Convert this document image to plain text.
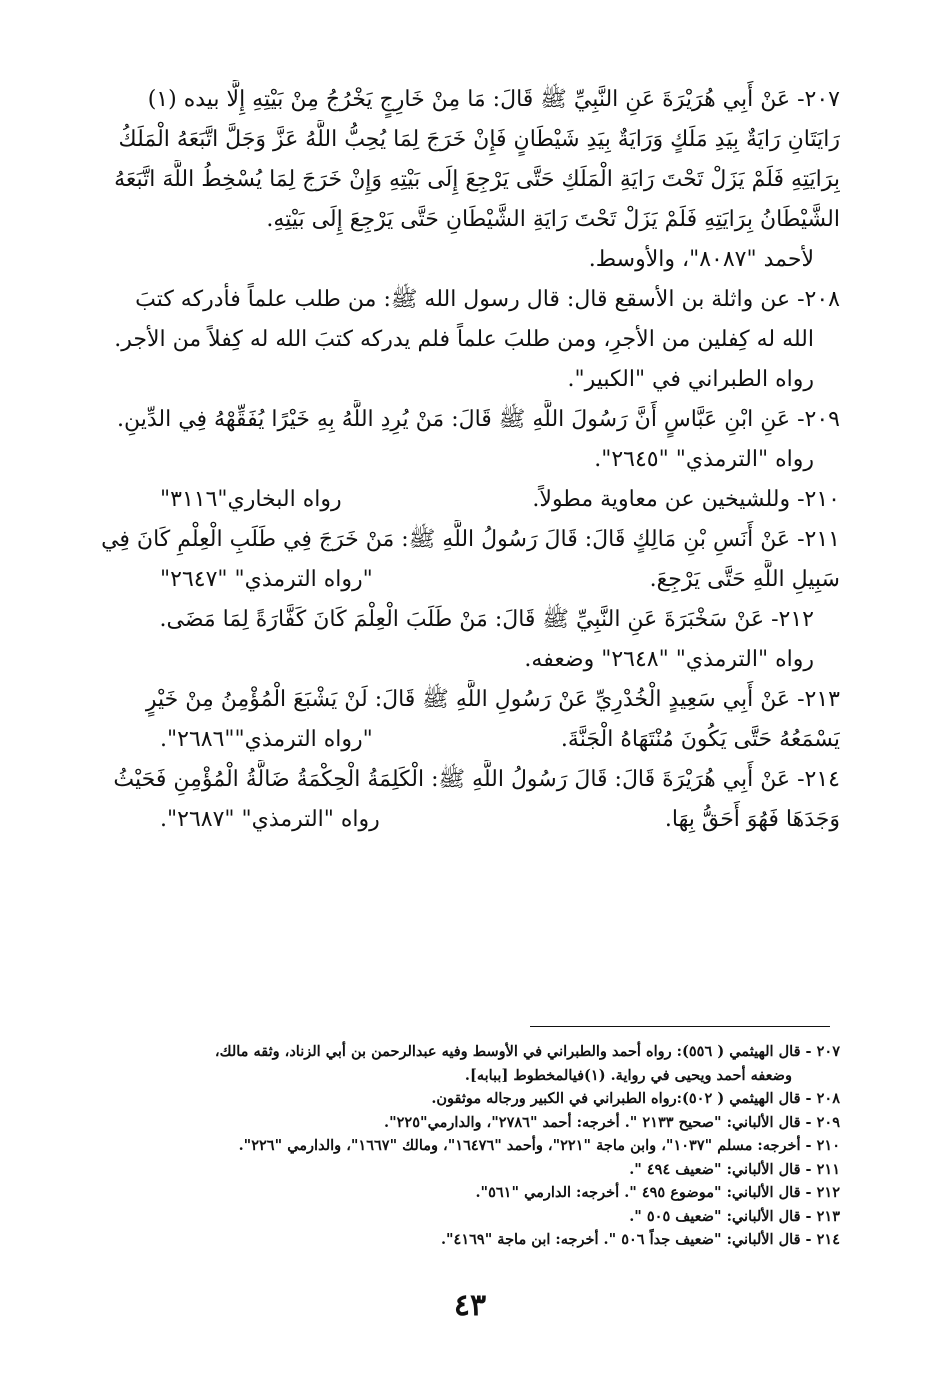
٢٠٧- عَنْ أَبِي هُرَيْرَةَ عَنِ النَّبِيِّ ﷺ قَالَ: مَا مِنْ خَارِجٍ يَخْرُجُ مِنْ بَيْتِهِ إِلَّا بيده (١)
رَايَتَانِ رَايَةٌ بِيَدِ مَلَكٍ وَرَايَةٌ بِيَدِ شَيْطَانٍ فَإِنْ خَرَجَ لِمَا يُحِبُّ اللَّهُ عَزَّ وَجَلَّ اتَّبَعَهُ الْمَلَكُ
بِرَايَتِهِ فَلَمْ يَزَلْ تَحْتَ رَايَةِ الْمَلَكِ حَتَّى يَرْجِعَ إِلَى بَيْتِهِ وَإِنْ خَرَجَ لِمَا يُسْخِطُ اللَّهَ اتَّبَعَهُ
الشَّيْطَانُ بِرَايَتِهِ فَلَمْ يَزَلْ تَحْتَ رَايَةِ الشَّيْطَانِ حَتَّى يَرْجِعَ إِلَى بَيْتِهِ.
لأحمد "٨٠٨٧"، والأوسط.
٢٠٨- عن واثلة بن الأسقع قال: قال رسول الله ﷺ: من طلب علماً فأدركه كتبَ
الله له كِفلين من الأجرِ، ومن طلبَ علماً فلم يدركه كتبَ الله له كِفلاً من الأجر.
رواه الطبراني في "الكبير".
٢٠٩- عَنِ ابْنِ عَبَّاسٍ أَنَّ رَسُولَ اللَّهِ ﷺ قَالَ: مَنْ يُرِدِ اللَّهُ بِهِ خَيْرًا يُفَقِّهْهُ فِي الدِّينِ.
رواه "الترمذي" "٢٦٤٥".
٢١٠- وللشيخين عن معاوية مطولاً.
رواه البخاري"٣١١٦"
٢١١- عَنْ أَنَسِ بْنِ مَالِكٍ قَالَ: قَالَ رَسُولُ اللَّهِ ﷺ: مَنْ خَرَجَ فِي طَلَبِ الْعِلْمِ كَانَ فِي
سَبِيلِ اللَّهِ حَتَّى يَرْجِعَ.
"رواه الترمذي" "٢٦٤٧"
٢١٢- عَنْ سَخْبَرَةَ عَنِ النَّبِيِّ ﷺ قَالَ: مَنْ طَلَبَ الْعِلْمَ كَانَ كَفَّارَةً لِمَا مَضَى.
رواه "الترمذي" "٢٦٤٨" وضعفه.
٢١٣- عَنْ أَبِي سَعِيدٍ الْخُدْرِيِّ عَنْ رَسُولِ اللَّهِ ﷺ قَالَ: لَنْ يَشْبَعَ الْمُؤْمِنُ مِنْ خَيْرٍ
يَسْمَعُهُ حَتَّى يَكُونَ مُنْتَهَاهُ الْجَنَّةَ.
"رواه الترمذي""٢٦٨٦".
٢١٤- عَنْ أَبِي هُرَيْرَةَ قَالَ: قَالَ رَسُولُ اللَّهِ ﷺ: الْكَلِمَةُ الْحِكْمَةُ ضَالَّةُ الْمُؤْمِنِ فَحَيْثُ
وَجَدَهَا فَهُوَ أَحَقُّ بِهَا.
رواه "الترمذي" "٢٦٨٧".
٢٠٧ - قال الهيثمي ( ٥٥٦): رواه أحمد والطبراني في الأوسط وفيه عبدالرحمن بن أبي الزناد، وثقه مالك،
وضعفه أحمد ويحيى في رواية. (١)فيالمخطوط [ببابه].
٢٠٨ - قال الهيثمي ( ٥٠٢):رواه الطبراني في الكبير ورجاله موثقون.
٢٠٩ - قال الألباني: "صحيح ٢١٣٣ ". أخرجه: أحمد "٢٧٨٦"، والدارمي"٢٢٥".
٢١٠ - أخرجه: مسلم "١٠٣٧"، وابن ماجة "٢٢١"، وأحمد "١٦٤٧٦"، ومالك "١٦٦٧"، والدارمي "٢٢٦".
٢١١ - قال الألباني: "ضعيف ٤٩٤ ".
٢١٢ - قال الألباني: "موضوع ٤٩٥ ". أخرجه: الدارمي "٥٦١".
٢١٣ - قال الألباني: "ضعيف ٥٠٥ ".
٢١٤ - قال الألباني: "ضعيف جداً ٥٠٦ ". أخرجه: ابن ماجة "٤١٦٩".
٤٣
